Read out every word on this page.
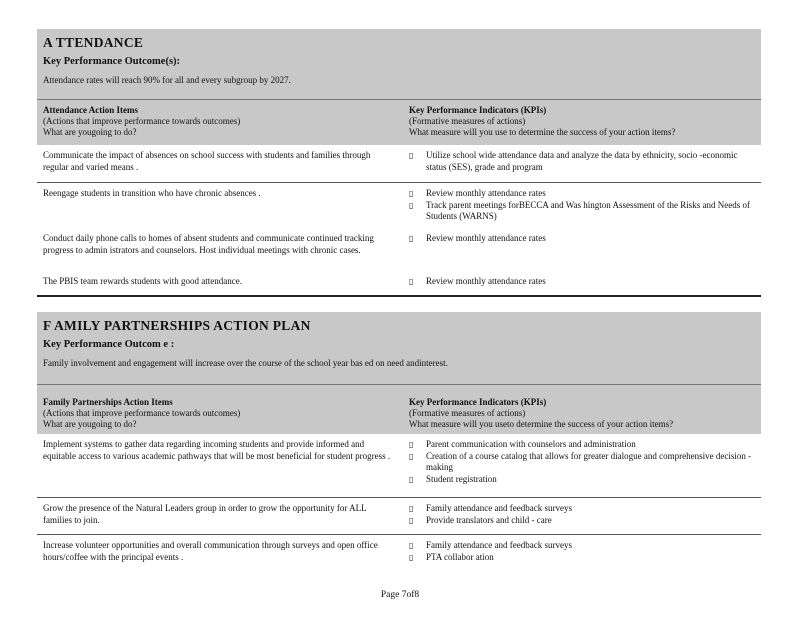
A TTENDANCE
Key Performance Outcome(s):
Attendance rates will reach 90% for all and every subgroup by 2027.
Attendance Action Items
(Actions that improve performance towards outcomes)
What are yougoing to do?
Key Performance Indicators (KPIs)
(Formative measures of actions)
What measure will you use to determine the success of your action items?
Communicate the impact of absences on school success with students and families through regular and varied means .
▯	Utilize school wide attendance data and analyze the data by ethnicity, socio -economic status (SES), grade and program
Reengage students in transition who have chronic absences .	▯	Review monthly attendance rates
▯	Track parent meetings forBECCA and Was hington Assessment of the Risks and Needs of Students (WARNS)
Conduct daily phone calls to homes of absent students and communicate continued tracking progress to admin istrators and counselors. Host individual meetings with chronic cases.
▯	Review monthly attendance rates
The PBIS team rewards students with good attendance.	▯	Review monthly attendance rates
F AMILY PARTNERSHIPS ACTION PLAN
Key Performance Outcom e :
Family involvement and engagement will increase over the course of the school year bas ed on need andinterest.
Family Partnerships Action Items
(Actions that improve performance towards outcomes)
What are yougoing to do?
Key Performance Indicators (KPIs)
(Formative measures of actions)
What measure will you useto determine the success of your action items?
Implement systems to gather data regarding incoming students and provide informed and equitable access to various academic pathways that will be most beneficial for student progress .
▯	Parent communication with counselors and administration
▯	Creation of a course catalog that allows for greater dialogue and comprehensive decision - making
▯	Student registration
Grow the presence of the Natural Leaders group in order to grow the opportunity for ALL families to join.
▯	Family attendance and feedback surveys
▯	Provide translators and child - care
Increase volunteer opportunities and overall communication through surveys and open office hours/coffee with the principal events .
▯	Family attendance and feedback surveys
▯	PTA collabor ation
Page 7of8
